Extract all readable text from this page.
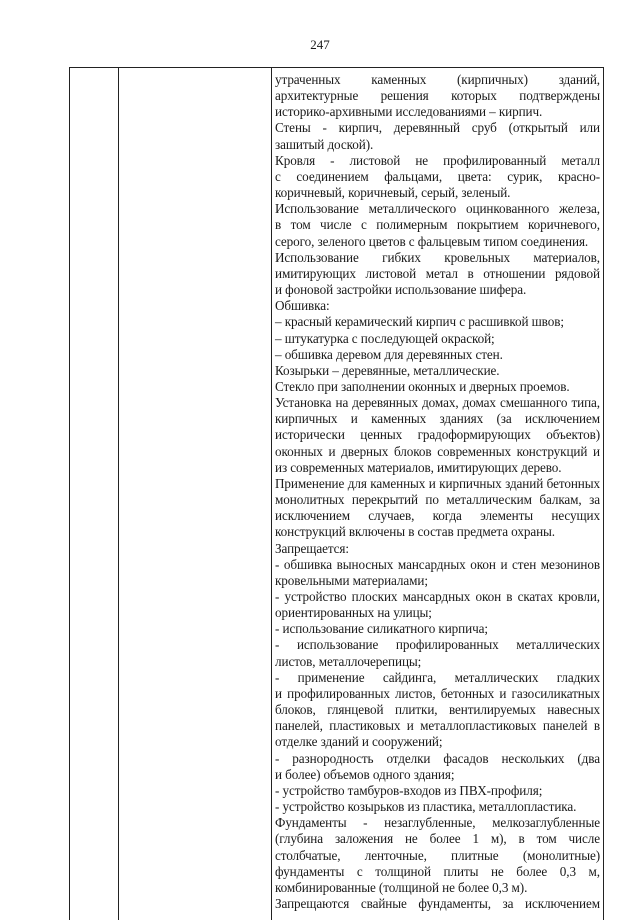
247

утраченных каменных (кирпичных) зданий,

архитектурные решения которых подтверждены

историко-архивными исследованиями – кирпич.

Стены - кирпич, деревянный сруб (открытый или

зашитый доской).

Кровля - листовой не профилированный металл

с соединением фальцами, цвета: сурик, красно-

коричневый, коричневый, серый, зеленый.

Использование металлического оцинкованного железа,

в том числе с полимерным покрытием коричневого,

серого, зеленого цветов с фальцевым типом соединения.

Использование гибких кровельных материалов,

имитирующих листовой метал в отношении рядовой

и фоновой застройки использование шифера.

Обшивка:

– красный керамический кирпич с расшивкой швов;

– штукатурка с последующей окраской;

– обшивка деревом для деревянных стен.

Козырьки – деревянные, металлические.

Стекло при заполнении оконных и дверных проемов.

Установка на деревянных домах, домах смешанного типа,

кирпичных и каменных зданиях (за исключением

исторически ценных градоформирующих объектов)

оконных и дверных блоков современных конструкций и

из современных материалов, имитирующих дерево.

Применение для каменных и кирпичных зданий бетонных

монолитных перекрытий по металлическим балкам, за

исключением случаев, когда элементы несущих

конструкций включены в состав предмета охраны.

Запрещается:

- обшивка выносных мансардных окон и стен мезонинов

кровельными материалами;

- устройство плоских мансардных окон в скатах кровли,

ориентированных на улицы;

- использование силикатного кирпича;

- использование профилированных металлических

листов, металлочерепицы;

- применение сайдинга, металлических гладких

и профилированных листов, бетонных и газосиликатных

блоков, глянцевой плитки, вентилируемых навесных

панелей, пластиковых и металлопластиковых панелей в

отделке зданий и сооружений;

- разнородность отделки фасадов нескольких (два

и более) объемов одного здания;

- устройство тамбуров-входов из ПВХ-профиля;

- устройство козырьков из пластика, металлопластика.

Фундаменты - незаглубленные, мелкозаглубленные

(глубина заложения не более 1 м), в том числе

столбчатые, ленточные, плитные (монолитные)

фундаменты с толщиной плиты не более 0,3 м,

комбинированные (толщиной не более 0,3 м).

Запрещаются свайные фундаменты, за исключением
